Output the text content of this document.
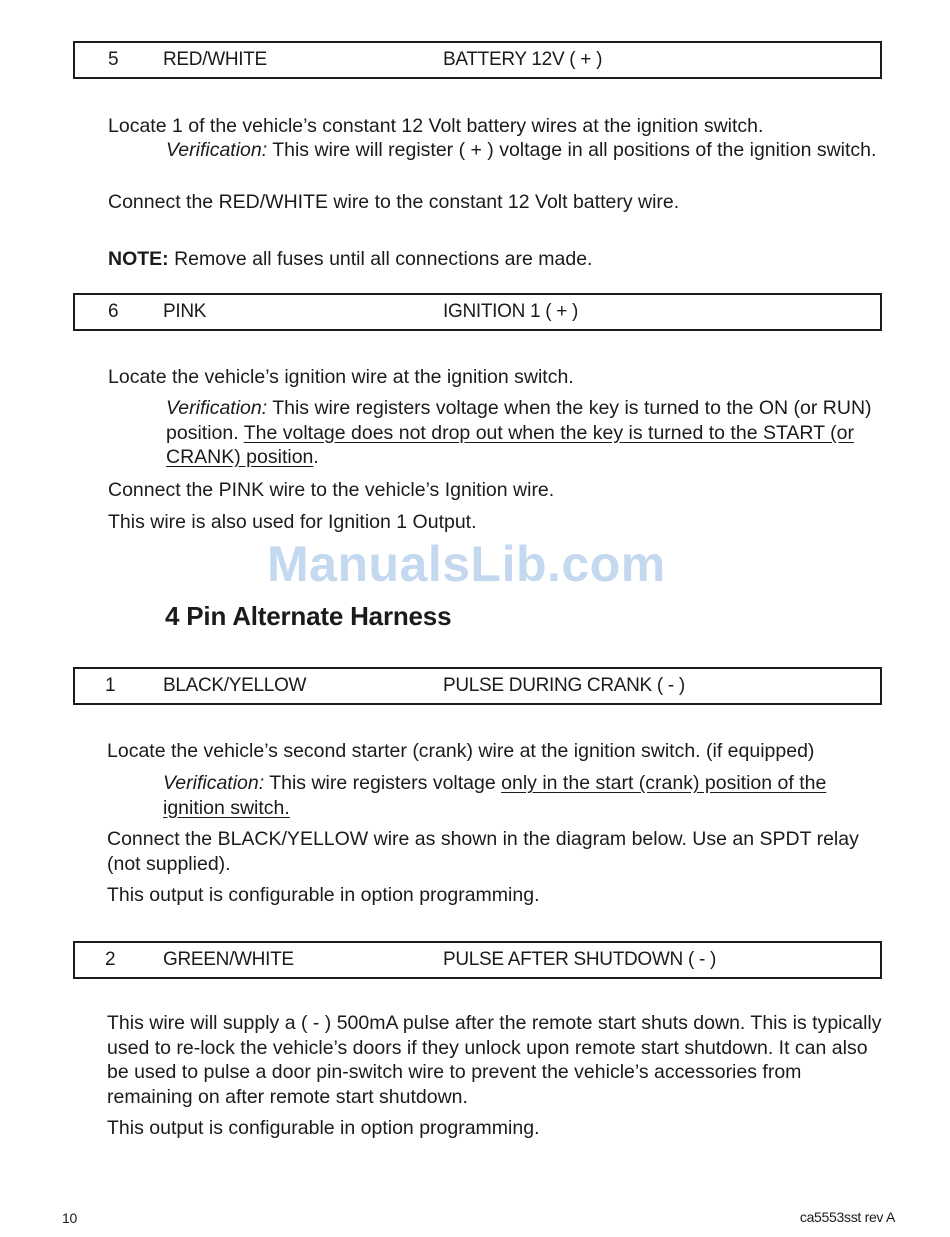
5 RED/WHITE	BATTERY 12V ( + )

Locate 1 of the vehicle’s constant 12 Volt battery wires at the ignition switch.

Verification: This wire will register ( + ) voltage in all positions of the ignition switch.

Connect the RED/WHITE wire to the constant 12 Volt battery wire.

NOTE: Remove all fuses until all connections are made.

6 PINK	IGNITION 1 ( + )

Locate the vehicle’s ignition wire at the ignition switch.

Verification: This wire registers voltage when the key is turned to the ON (or RUN) position. The voltage does not drop out when the key is turned to the START (or CRANK) position.

Connect the PINK wire to the vehicle’s Ignition wire.

This wire is also used for Ignition 1 Output.

ManualsLib.com
4 Pin Alternate Harness
1	BLACK/YELLOW	PULSE DURING CRANK ( - )

Locate the vehicle’s second starter (crank) wire at the ignition switch. (if equipped)

Verification: This wire registers voltage only in the start (crank) position of the ignition switch.

Connect the BLACK/YELLOW wire as shown in the diagram below. Use an SPDT relay (not supplied).

This output is configurable in option programming.

2	GREEN/WHITE	PULSE AFTER SHUTDOWN ( - )

This wire will supply a ( - ) 500mA pulse after the remote start shuts down. This is typically used to re-lock the vehicle’s doors if they unlock upon remote start shutdown. It can also be used to pulse a door pin-switch wire to prevent the vehicle’s accessories from remaining on after remote start shutdown.

This output is configurable in option programming.

10	ca5553sst rev A
